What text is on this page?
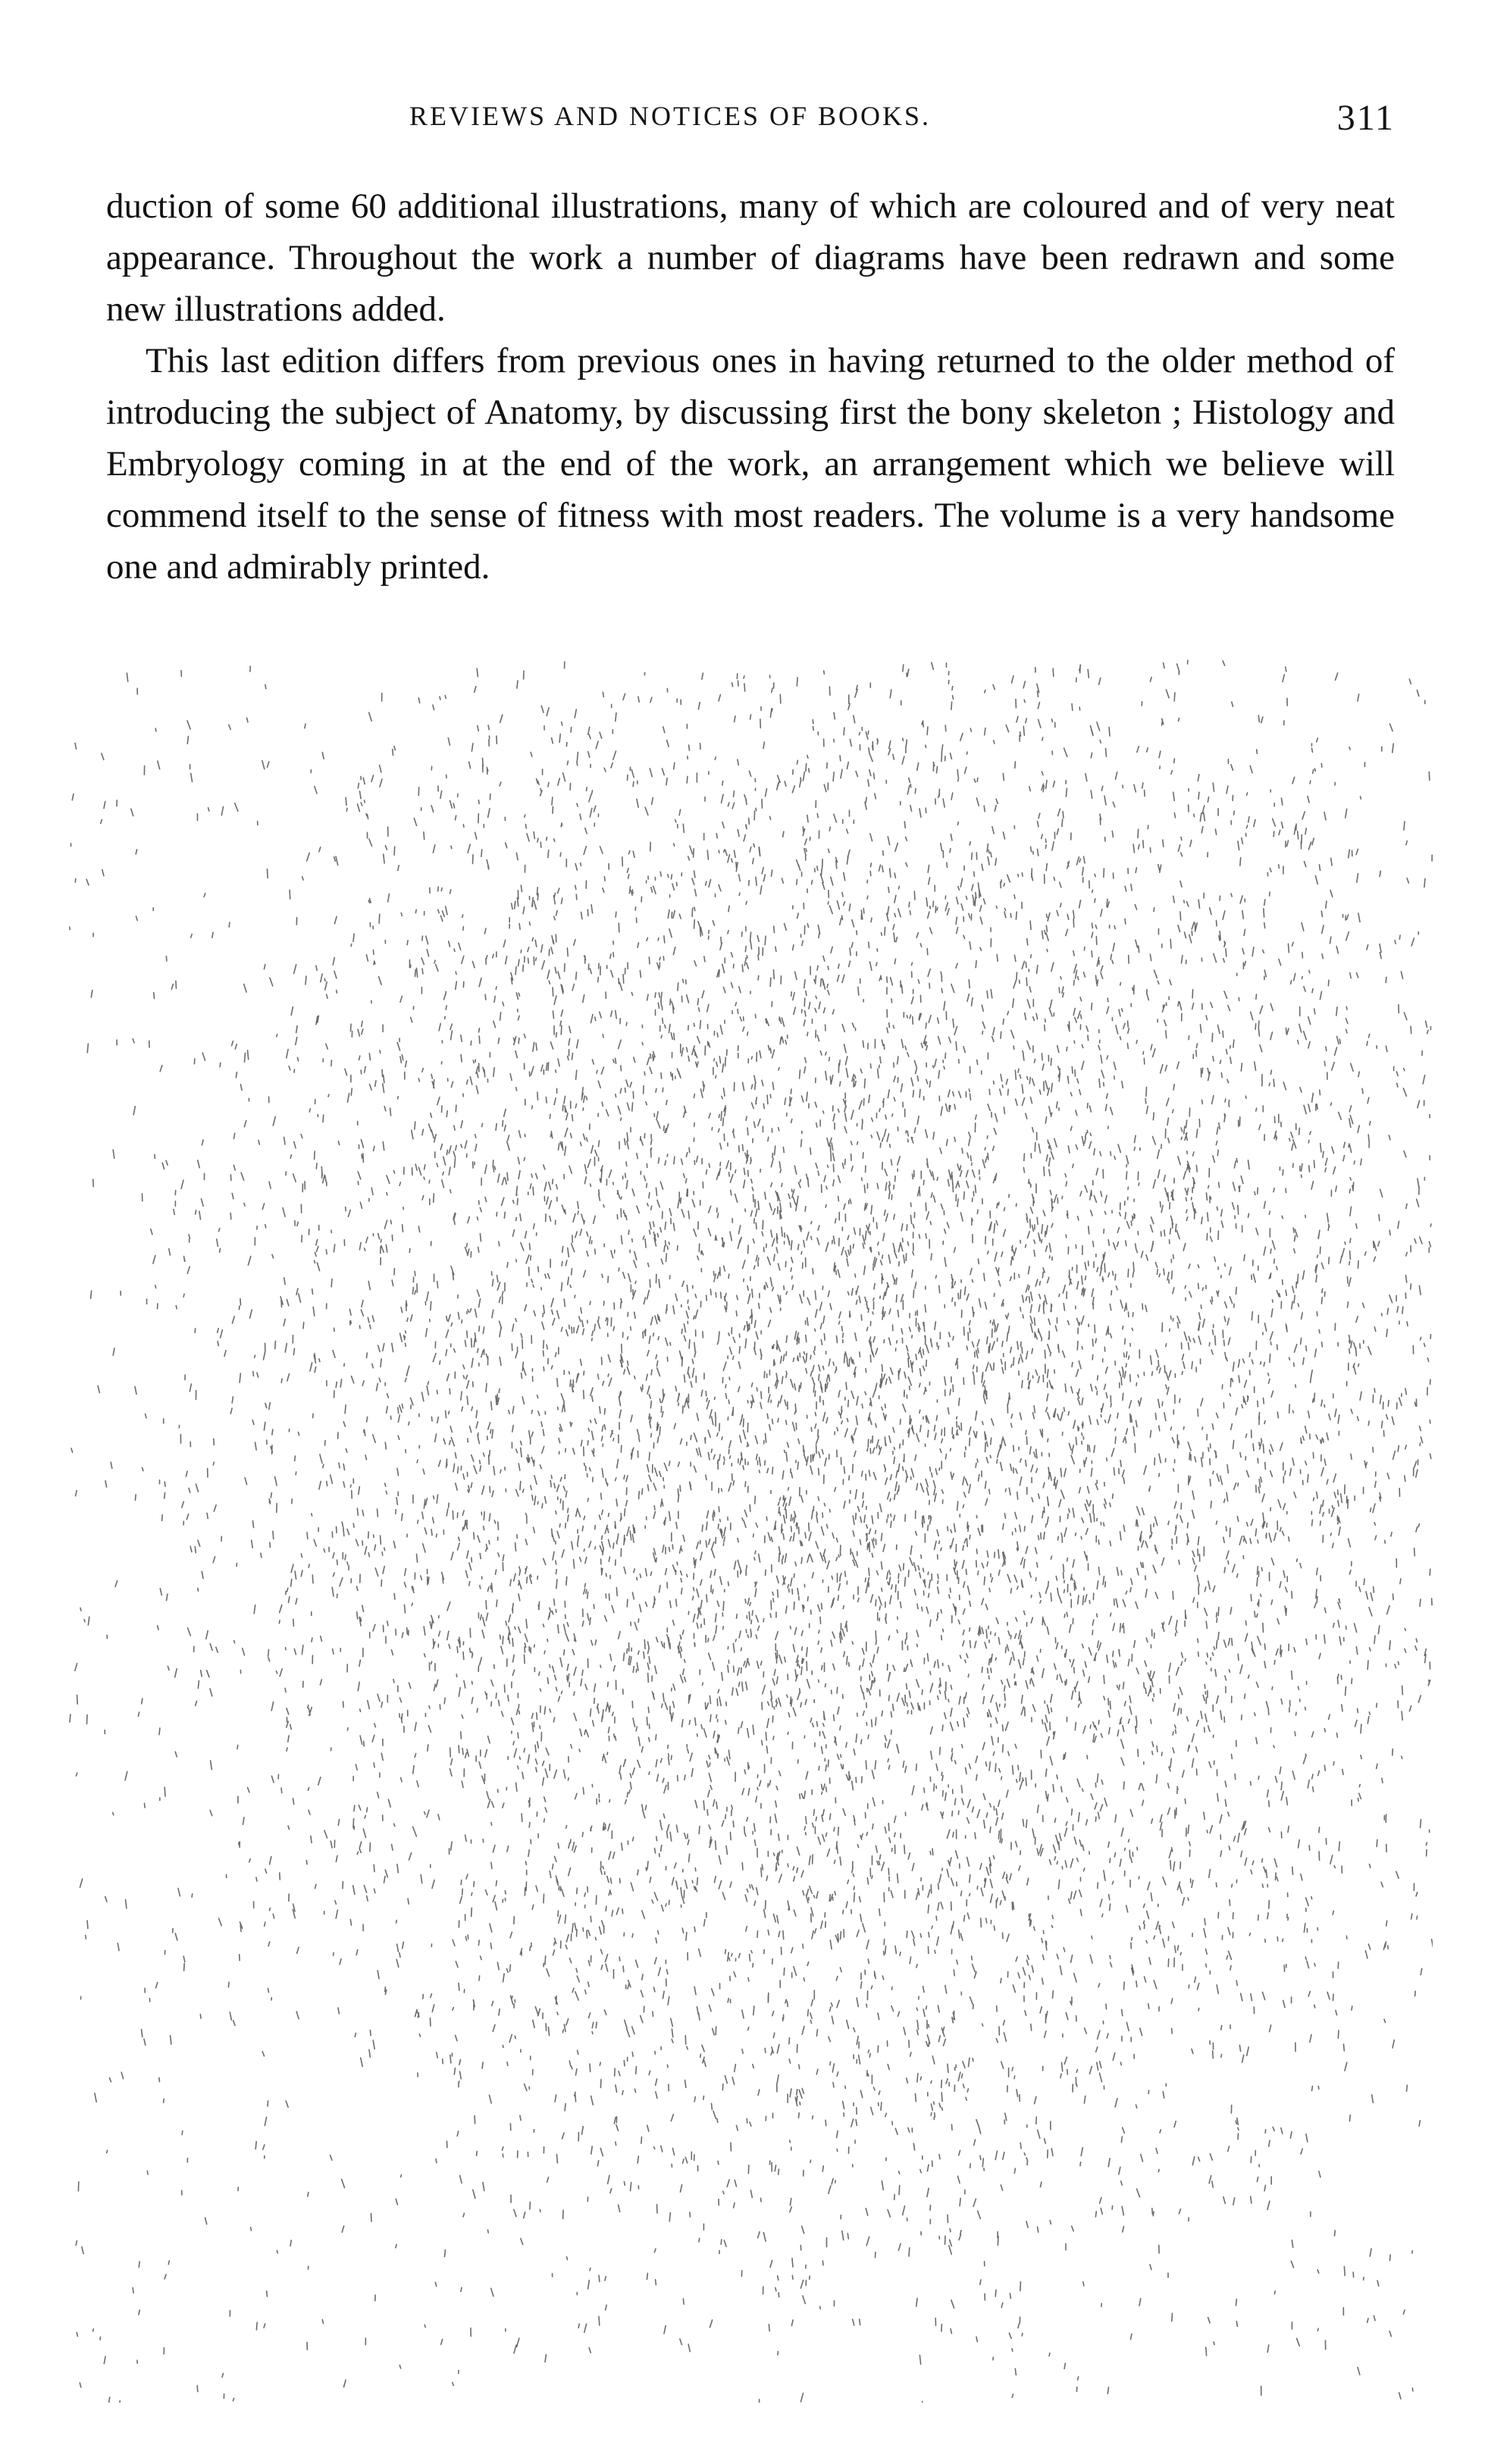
REVIEWS AND NOTICES OF BOOKS.	311

duction of some 60 additional illustrations, many of which are coloured and of very neat appearance. Throughout the work a number of diagrams have been redrawn and some new illustrations added.

This last edition differs from previous ones in having returned to the older method of introducing the subject of Anatomy, by discussing first the bony skeleton ; Histology and Embryology coming in at the end of the work, an arrangement which we believe will commend itself to the sense of fitness with most readers. The volume is a very handsome one and admirably printed.
